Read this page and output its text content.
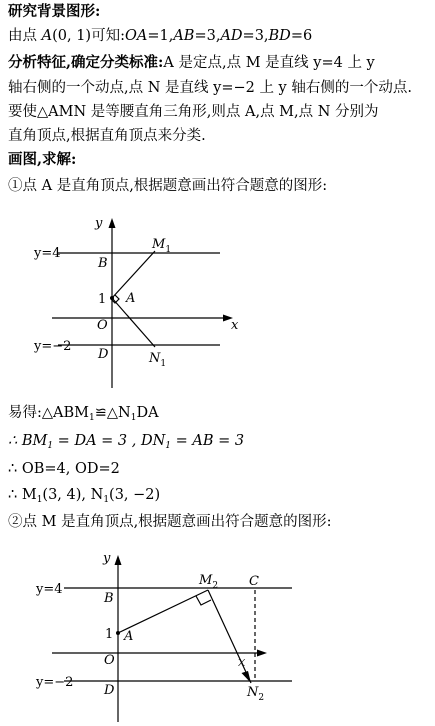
研究背景图形:
由点 A(0, 1)可知:OA=1,AB=3,AD=3,BD=6
分析特征,确定分类标准:A 是定点,点 M 是直线 y=4 上 y
轴右侧的一个动点,点 N 是直线 y=−2 上 y 轴右侧的一个动点.
要使△AMN 是等腰直角三角形,则点 A,点 M,点 N 分别为
直角顶点,根据直角顶点来分类.
画图,求解:
①点 A 是直角顶点,根据题意画出符合题意的图形:
y
x
y=4
y=−2
B
1 A
O
D
$M_1$
$N_1$
易得$:\triangle ABM_1≌\triangle N_1DA$
∴ $BM_1$ = DA = 3 , $DN_1$ = AB = 3
∴ OB=4, OD=2
∴ $M_1(3$, 4), $N_1(3$, −2)
②点 M 是直角顶点,根据题意画出符合题意的图形:
y
x
y=4
y=−2
B
1 A
O
D
$M_2$ C
$N_2$
